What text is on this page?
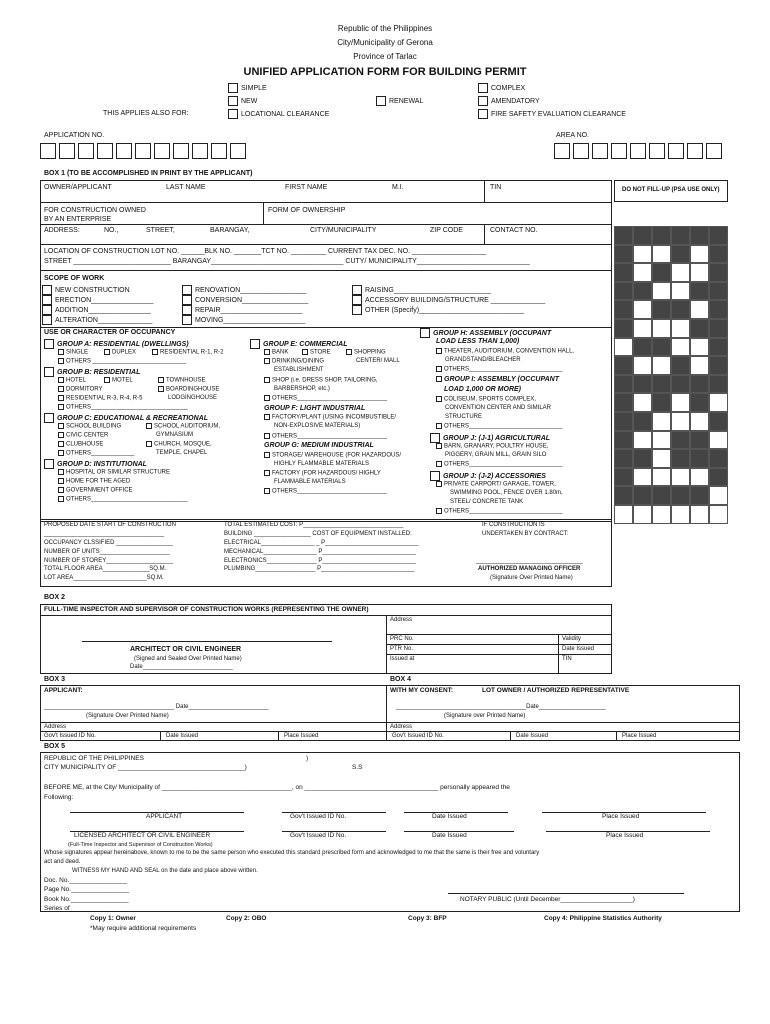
Republic of the Philippines
City/Municipality of Gerona
Province of Tarlac
UNIFIED APPLICATION FORM FOR BUILDING PERMIT
SIMPLE
NEW
THIS APPLIES ALSO FOR:	LOCATIONAL CLEARANCE
RENEWAL
COMPLEX
AMENDATORY
FIRE SAFETY EVALUATION CLEARANCE
APPLICATION NO.	AREA NO.
BOX 1 (TO BE ACCOMPLISHED IN PRINT BY THE APPLICANT)
OWNER/APPLICANT	LAST NAME	FIRST NAME	M.I.	TIN	DO NOT FILL-UP (PSA USE ONLY)
FOR CONSTRUCTION OWNED
BY AN ENTERPRISE
FORM OF OWNERSHIP
ADDRESS:	NO.,	STREET,	BARANGAY,	CITY/MUNICIPALITY	ZIP CODE	CONTACT NO.
LOCATION OF CONSTRUCTION LOT NO. ______BLK NO. _______TCT NO. _________ CURRENT TAX DEC. NO. ___________________
STREET _________________________ BARANGAY__________________________________ CUTY/ MUNICIPALITY_____________________________
SCOPE OF WORK
NEW CONSTRUCTION
ERECTION________________
ADDITION________________
ALTERATION______________
RENOVATION_________________
CONVERSION_________________
REPAIR_____________________
MOVING_____________________
RAISING_________________________
ACCESSORY BUILDING/STRUCTURE ______________
OTHER (Specify)___________________________
USE OR CHARACTER OF OCCUPANCY
GROUP A: RESIDENTIAL (DWELLINGS)
SINGLE	DUPLEX	RESIDENTIAL R-1, R-2
OTHERS ____________________________
GROUP B: RESIDENTIAL
HOTEL	MOTEL	TOWNHOUSE
DORMITORY	BOARDINGHOUSE
RESIDENTIAL R-3, R-4, R-5	LODGINGHOUSE
OTHERS_____________________________
GROUP C: EDUCATIONAL & RECREATIONAL
SCHOOL BUILDING	SCHOOL AUDITORIUM,
CIVIC CENTER	GYMNASIUM
CLUBHOUSE	CHURCH, MOSQUE,
OTHERS_____________	TEMPLE, CHAPEL
GROUP D: INSTITUTIONAL
HOSPITAL OR SIMILAR STRUCTURE
HOME FOR THE AGED
GOVERNMENT OFFICE
OTHERS_____________________________
GROUP E: COMMERCIAL
BANK	STORE	SHOPPING
DRINKING/DINING	CENTER/ MALL
ESTABLISHMENT
SHOP (i.e. DRESS SHOP, TAILORING,
BARBERSHOP, etc.)
OTHERS___________________________
GROUP F: LIGHT INDUSTRIAL
FACTORY/PLANT (USING INCOMBUSTIBLE/
NON-EXPLOSIVE MATERIALS)
OTHERS___________________________
GROUP G: MEDIUM INDUSTRIAL
STORAGE/ WAREHOUSE (FOR HAZARDOUS/
HIGHLY FLAMMABLE MATERIALS
FACTORY (FOR HAZARDOUS/ HIGHLY
FLAMMABLE MATERIALS
OTHERS___________________________
GROUP H: ASSEMBLY (OCCUPANT
LOAD LESS THAN 1,000)
THEATER, AUDITORIUM, CONVENTION HALL,
GRANDSTAND/BLEACHER
OTHERS____________________________
GROUP I: ASSEMBLY (OCCUPANT
LOAD 1,000 OR MORE)
COLISEUM, SPORTS COMPLEX,
CONVENTION CENTER AND SIMILAR
STRUCTURE
OTHERS____________________________
GROUP J: (J-1) AGRICULTURAL
BARN, GRANARY, POULTRY HOUSE,
PIGGERY, GRAIN MILL, GRAIN SILO
OTHERS____________________________
GROUP J: (J-2) ACCESSORIES
PRIVATE CARPORT/ GARAGE, TOWER,
SWIMMING POOL, FENCE OVER 1.80m,
STEEL/ CONCRETE TANK
OTHERS____________________________
PROPOSED DATE START OF CONSTRUCTION
____________________________________
OCCUPANCY CLSSIFIED _________________
NUMBER OF UNITS_____________________
NUMBER OF STOREY____________________
TOTAL FLOOR AREA______________SQ.M.
LOT AREA______________________SQ.M.
TOTAL ESTIMATED COST: P______________________________
BUILDING _________________ COST OF EQUIPMENT INSTALLED:
ELECTRICAL________________ _ P____________________________
MECHANICAL________________ P____________________________
ELECTRONICS_______________ P____________________________
PLUMBING__________________ P____________________________
IF CONSTRUCTION IS
UNDERTAKEN BY CONTRACT:
________________________________
AUTHORIZED MANAGING OFFICER
(Signature Over Printed Name)
BOX 2
FULL-TIME INSPECTOR AND SUPERVISOR OF CONSTRUCTION WORKS (REPRESENTING THE OWNER)
Address
ARCHITECT OR CIVIL ENGINEER
(Signed and Sealed Over Printed Name)
Date___________________________
PRC No.	Validity
PTR No.	Date Issued
Issued at	TIN
BOX 3	BOX 4
APPLICANT:
_______________________________________ Date________________________
(Signature Over Printed Name)
Address
Gov't Issued ID No.	Date Issued	Place Issued
WITH MY CONSENT:	LOT OWNER / AUTHORIZED REPRESENTATIVE
_______________________________________Date____________________
(Signature over Printed Name)
Address
Gov't Issued ID No.	Date Issued	Place Issued
BOX 5
REPUBLIC OF THE PHILIPPINES	)
CITY MUNICIPALITY OF ___________________________________)	S.S
BEFORE ME, at the City/ Municipality of ____________________________________, on _____________________________________ personally appeared the
Following:
APPLICANT	Gov't Issued ID No.	Date Issued	Place Issued
LICENSED ARCHITECT OR CIVIL ENGINEER	Gov't Issued ID No.	Date Issued	Place Issued
(Full-Time Inspector and Supervisor of Construction Works)
Whose signatures appear hereinabove, known to me to be the same person who executed this standard prescribed form and acknowledged to me that the same is their free and voluntary
act and deed.
WITNESS MY HAND AND SEAL on the date and place above written.
Doc. No.________________
Page No.________________
Book No.________________
Series of________________
NOTARY PUBLIC (Until December____________________)
Copy 1: Owner	Copy 2: OBO	Copy 3: BFP	Copy 4: Philippine Statistics Authority
*May require additional requirements
